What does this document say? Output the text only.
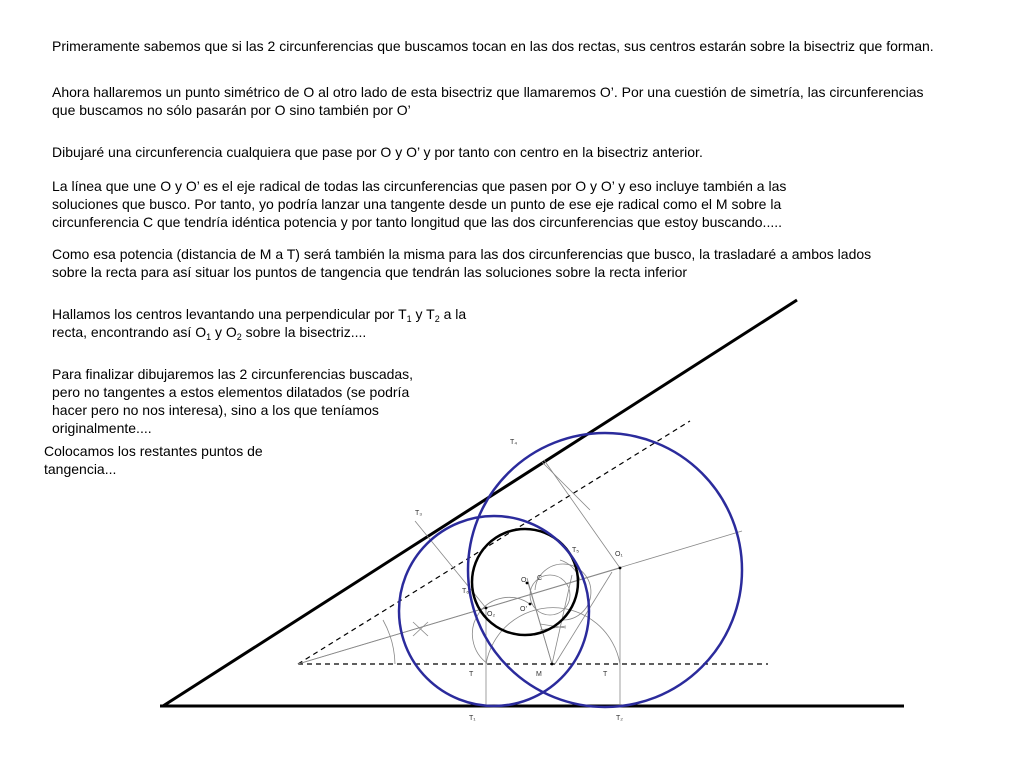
Primeramente sabemos que si las 2 circunferencias que buscamos tocan en las dos rectas, sus centros estarán sobre la bisectriz que forman.

Ahora hallaremos un punto simétrico de O al otro lado de esta bisectriz que llamaremos O’. Por una cuestión de simetría, las circunferencias
que buscamos no sólo pasarán por O sino también por O’

Dibujaré una circunferencia cualquiera que pase por O y O’ y por tanto con centro en la bisectriz anterior.

La línea que une O y O’ es el eje radical de todas las circunferencias que pasen por O y O’ y eso incluye también a las
soluciones que busco. Por tanto, yo podría lanzar una tangente desde un punto de ese eje radical como el M sobre la
circunferencia C que tendría idéntica potencia y por tanto longitud que las dos circunferencias que estoy buscando.....

Como esa potencia (distancia de M a T) será también la misma para las dos circunferencias que busco, la trasladaré a ambos lados
sobre la recta para así situar los puntos de tangencia que tendrán las soluciones sobre la recta inferior

Hallamos los centros levantando una perpendicular por $T_1$ y $T_2$ a la
recta, encontrando así $O_1$ y $O_2$ sobre la bisectriz....

Para finalizar dibujaremos las 2 circunferencias buscadas,
pero no tangentes a estos elementos dilatados (se podría
hacer pero no nos interesa), sino a los que teníamos
originalmente....

Colocamos los restantes puntos de
tangencia...

T₄
T₃
T₅
O₁
O C
T₆
O₂
O’
T	M	T
T₁	T₂
